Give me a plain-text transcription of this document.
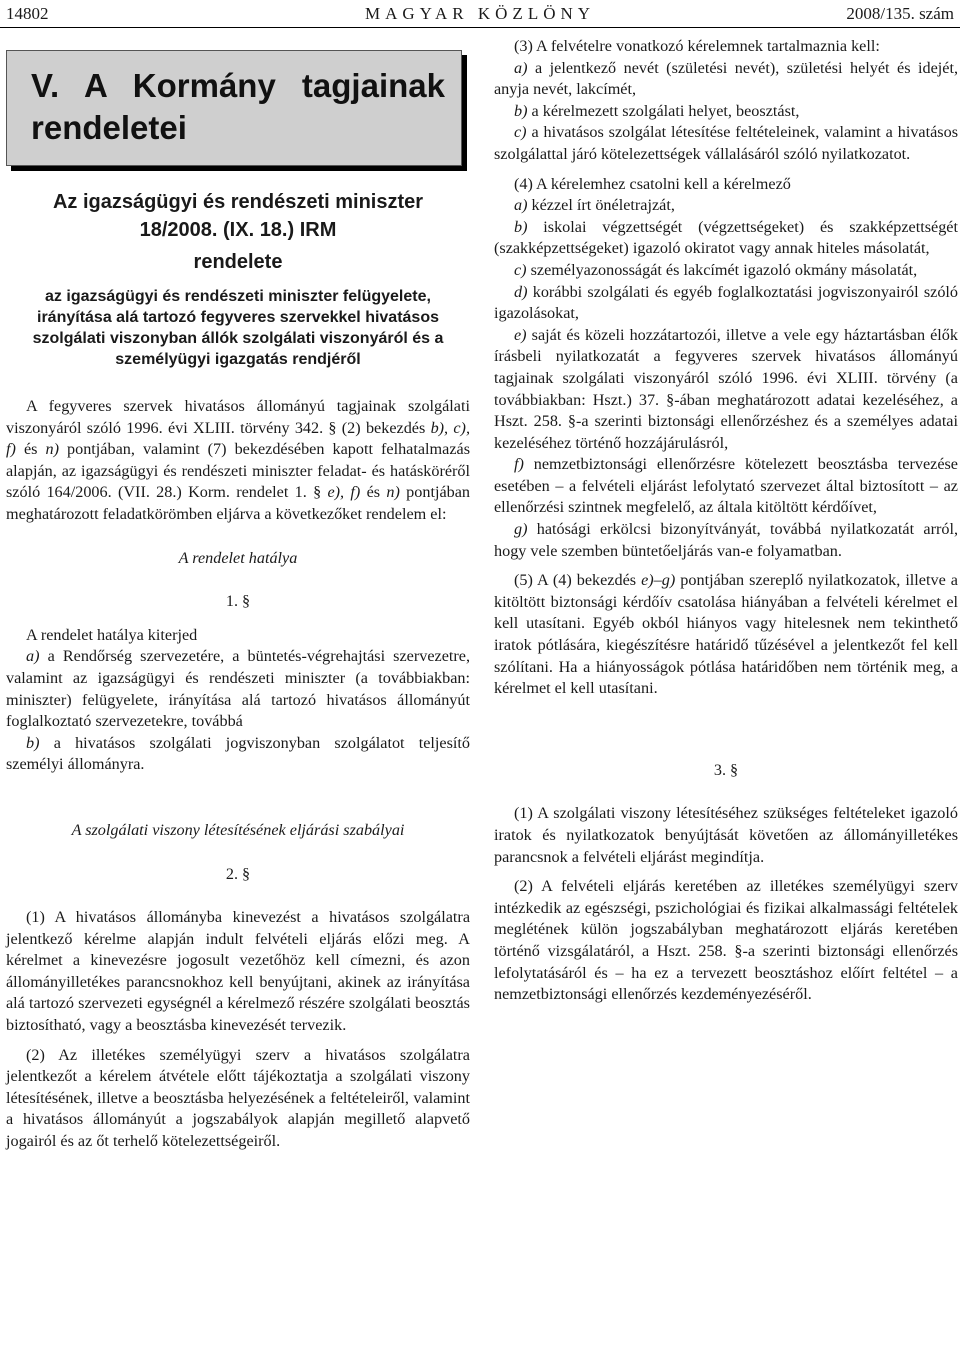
14802	MAGYAR KÖZLÖNY	2008/135. szám
V. A Kormány tagjainak rendeletei
Az igazságügyi és rendészeti miniszter
18/2008. (IX. 18.) IRM
rendelete
az igazságügyi és rendészeti miniszter felügyelete, irányítása alá tartozó fegyveres szervekkel hivatásos szolgálati viszonyban állók szolgálati viszonyáról és a személyügyi igazgatás rendjéről

A fegyveres szervek hivatásos állományú tagjainak szolgálati viszonyáról szóló 1996. évi XLIII. törvény 342. § (2) bekezdés b), c), f) és n) pontjában, valamint (7) bekezdésében kapott felhatalmazás alapján, az igazságügyi és rendészeti miniszter feladat- és hatásköréről szóló 164/2006. (VII. 28.) Korm. rendelet 1. § e), f) és n) pontjában meghatározott feladatkörömben eljárva a következőket rendelem el:

A rendelet hatálya

1. §

A rendelet hatálya kiterjed

a) a Rendőrség szervezetére, a büntetés-végrehajtási szervezetre, valamint az igazságügyi és rendészeti miniszter (a továbbiakban: miniszter) felügyelete, irányítása alá tartozó hivatásos állományút foglalkoztató szervezetekre, továbbá

b) a hivatásos szolgálati jogviszonyban szolgálatot teljesítő személyi állományra.

A szolgálati viszony létesítésének eljárási szabályai

2. §

(1) A hivatásos állományba kinevezést a hivatásos szolgálatra jelentkező kérelme alapján indult felvételi eljárás előzi meg. A kérelmet a kinevezésre jogosult vezetőhöz kell címezni, és azon állományilletékes parancsnokhoz kell benyújtani, akinek az irányítása alá tartozó szervezeti egységnél a kérelmező részére szolgálati beosztás biztosítható, vagy a beosztásba kinevezését tervezik.

(2) Az illetékes személyügyi szerv a hivatásos szolgálatra jelentkezőt a kérelem átvétele előtt tájékoztatja a szolgálati viszony létesítésének, illetve a beosztásba helyezésének a feltételeiről, valamint a hivatásos állományút a jogszabályok alapján megillető alapvető jogairól és az őt terhelő kötelezettségeiről.

(3) A felvételre vonatkozó kérelemnek tartalmaznia kell:

a) a jelentkező nevét (születési nevét), születési helyét és idejét, anyja nevét, lakcímét,

b) a kérelmezett szolgálati helyet, beosztást,

c) a hivatásos szolgálat létesítése feltételeinek, valamint a hivatásos szolgálattal járó kötelezettségek vállalásáról szóló nyilatkozatot.

(4) A kérelemhez csatolni kell a kérelmező

a) kézzel írt önéletrajzát,

b) iskolai végzettségét (végzettségeket) és szakképzettségét (szakképzettségeket) igazoló okiratot vagy annak hiteles másolatát,

c) személyazonosságát és lakcímét igazoló okmány másolatát,

d) korábbi szolgálati és egyéb foglalkoztatási jogviszonyairól szóló igazolásokat,

e) saját és közeli hozzátartozói, illetve a vele egy háztartásban élők írásbeli nyilatkozatát a fegyveres szervek hivatásos állományú tagjainak szolgálati viszonyáról szóló 1996. évi XLIII. törvény (a továbbiakban: Hszt.) 37. §-ában meghatározott adatai kezeléséhez, a Hszt. 258. §-a szerinti biztonsági ellenőrzéshez és a személyes adatai kezeléséhez történő hozzájárulásról,

f) nemzetbiztonsági ellenőrzésre kötelezett beosztásba tervezése esetében – a felvételi eljárást lefolytató szervezet által biztosított – az ellenőrzési szintnek megfelelő, az általa kitöltött kérdőívet,

g) hatósági erkölcsi bizonyítványát, továbbá nyilatkozatát arról, hogy vele szemben büntetőeljárás van-e folyamatban.

(5) A (4) bekezdés e)–g) pontjában szereplő nyilatkozatok, illetve a kitöltött biztonsági kérdőív csatolása hiányában a felvételi kérelmet el kell utasítani. Egyéb okból hiányos vagy hitelesnek nem tekinthető iratok pótlására, kiegészítésre határidő tűzésével a jelentkezőt fel kell szólítani. Ha a hiányosságok pótlása határidőben nem történik meg, a kérelmet el kell utasítani.

3. §

(1) A szolgálati viszony létesítéséhez szükséges feltételeket igazoló iratok és nyilatkozatok benyújtását követően az állományilletékes parancsnok a felvételi eljárást megindítja.

(2) A felvételi eljárás keretében az illetékes személyügyi szerv intézkedik az egészségi, pszichológiai és fizikai alkalmassági feltételek meglétének külön jogszabályban meghatározott eljárás keretében történő vizsgálatáról, a Hszt. 258. §-a szerinti biztonsági ellenőrzés lefolytatásáról és – ha ez a tervezett beosztáshoz előírt feltétel – a nemzetbiztonsági ellenőrzés kezdeményezéséről.
